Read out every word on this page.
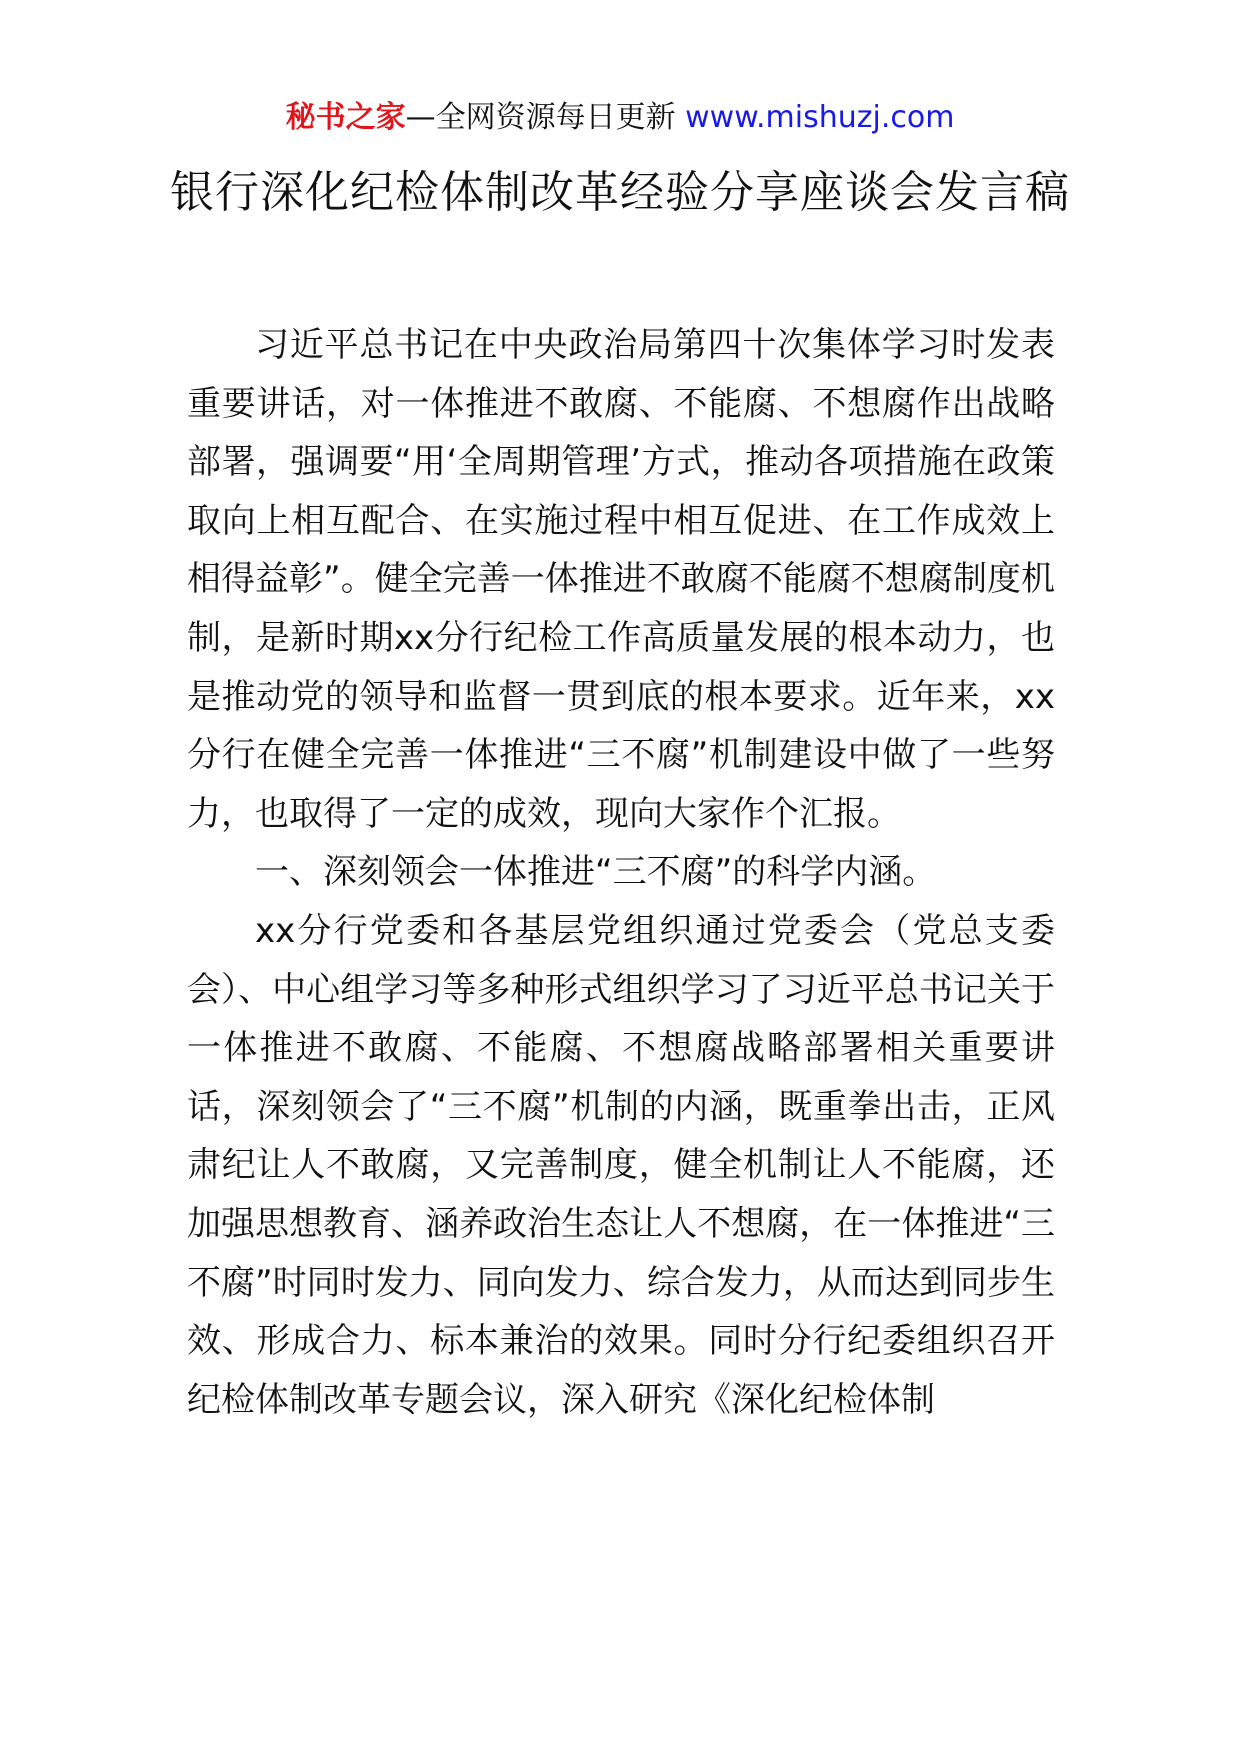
秘书之家—全网资源每日更新 www.mishuzj.com
银行深化纪检体制改革经验分享座谈会发言稿

习近平总书记在中央政治局第四十次集体学习时发表重要讲话，对一体推进不敢腐、不能腐、不想腐作出战略部署，强调要“用‘全周期管理’方式，推动各项措施在政策取向上相互配合、在实施过程中相互促进、在工作成效上相得益彰”。健全完善一体推进不敢腐不能腐不想腐制度机制，是新时期xx分行纪检工作高质量发展的根本动力，也是推动党的领导和监督一贯到底的根本要求。近年来，xx分行在健全完善一体推进“三不腐”机制建设中做了一些努力，也取得了一定的成效，现向大家作个汇报。

一、深刻领会一体推进“三不腐”的科学内涵。

xx分行党委和各基层党组织通过党委会（党总支委会）、中心组学习等多种形式组织学习了习近平总书记关于一体推进不敢腐、不能腐、不想腐战略部署相关重要讲话，深刻领会了“三不腐”机制的内涵，既重拳出击，正风肃纪让人不敢腐，又完善制度，健全机制让人不能腐，还加强思想教育、涵养政治生态让人不想腐，在一体推进“三不腐”时同时发力、同向发力、综合发力，从而达到同步生效、形成合力、标本兼治的效果。同时分行纪委组织召开纪检体制改革专题会议，深入研究《深化纪检体制
